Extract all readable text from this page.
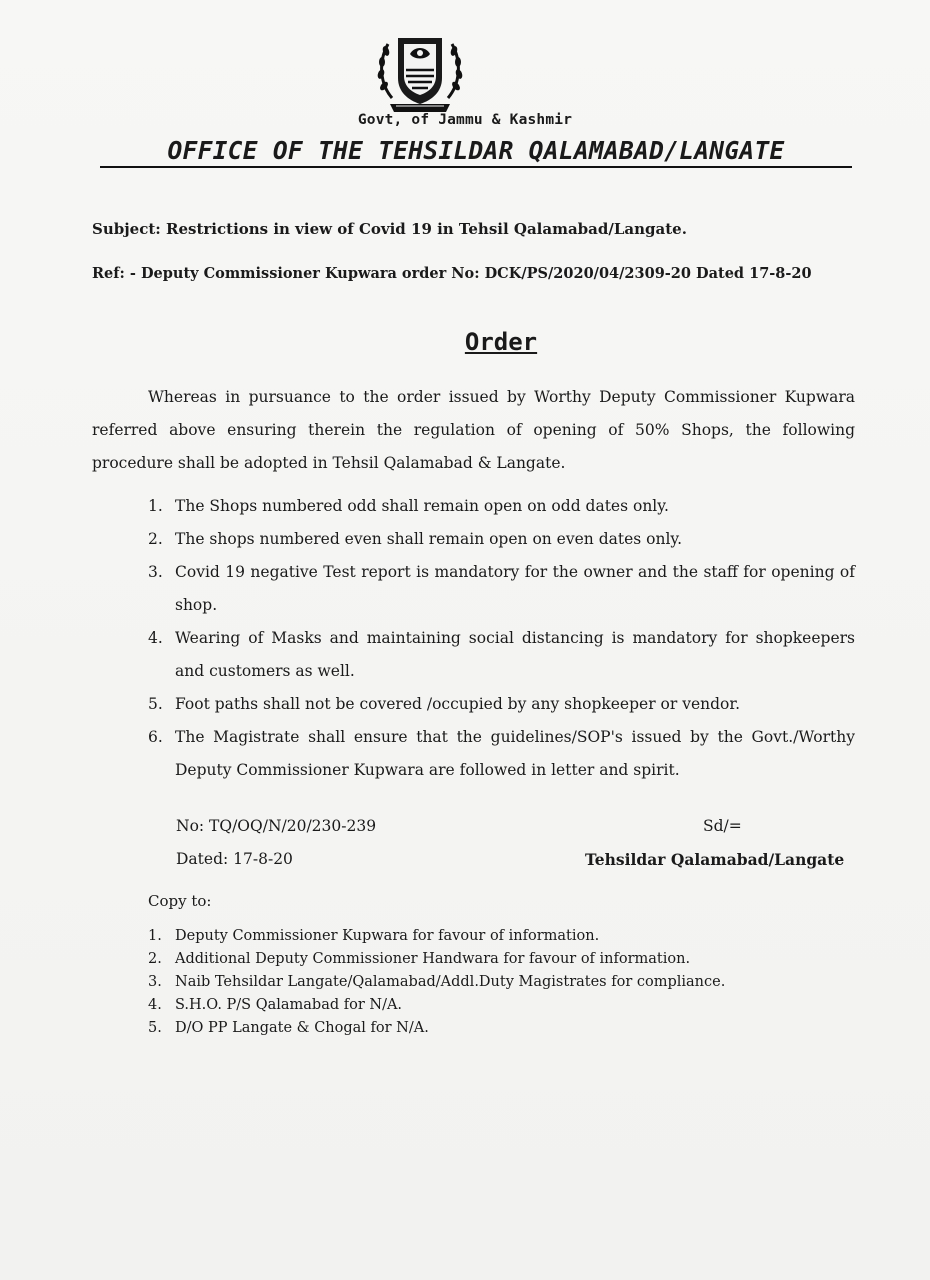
Govt, of Jammu & Kashmir
OFFICE OF THE TEHSILDAR QALAMABAD/LANGATE
Subject: Restrictions in view of Covid 19 in Tehsil Qalamabad/Langate.
Ref: - Deputy Commissioner Kupwara order No: DCK/PS/2020/04/2309-20 Dated 17-8-20
Order
Whereas in pursuance to the order issued by Worthy Deputy Commissioner Kupwara referred above ensuring therein the regulation of opening of 50% Shops, the following procedure shall be adopted in Tehsil Qalamabad & Langate.
1. The Shops numbered odd shall remain open on odd dates only.
2. The shops numbered even shall remain open on even dates only.
3. Covid 19 negative Test report is mandatory for the owner and the staff for opening of shop.
4. Wearing of Masks and maintaining social distancing is mandatory for shopkeepers and customers as well.
5. Foot paths shall not be covered /occupied by any shopkeeper or vendor.
6. The Magistrate shall ensure that the guidelines/SOP's issued by the Govt./Worthy Deputy Commissioner Kupwara are followed in letter and spirit.
No: TQ/OQ/N/20/230-239
Dated: 17-8-20
Sd/=
Tehsildar Qalamabad/Langate
Copy to:
1. Deputy Commissioner Kupwara for favour of information.
2. Additional Deputy Commissioner Handwara for favour of information.
3. Naib Tehsildar Langate/Qalamabad/Addl.Duty Magistrates for compliance.
4. S.H.O. P/S Qalamabad for N/A.
5. D/O PP Langate & Chogal for N/A.
